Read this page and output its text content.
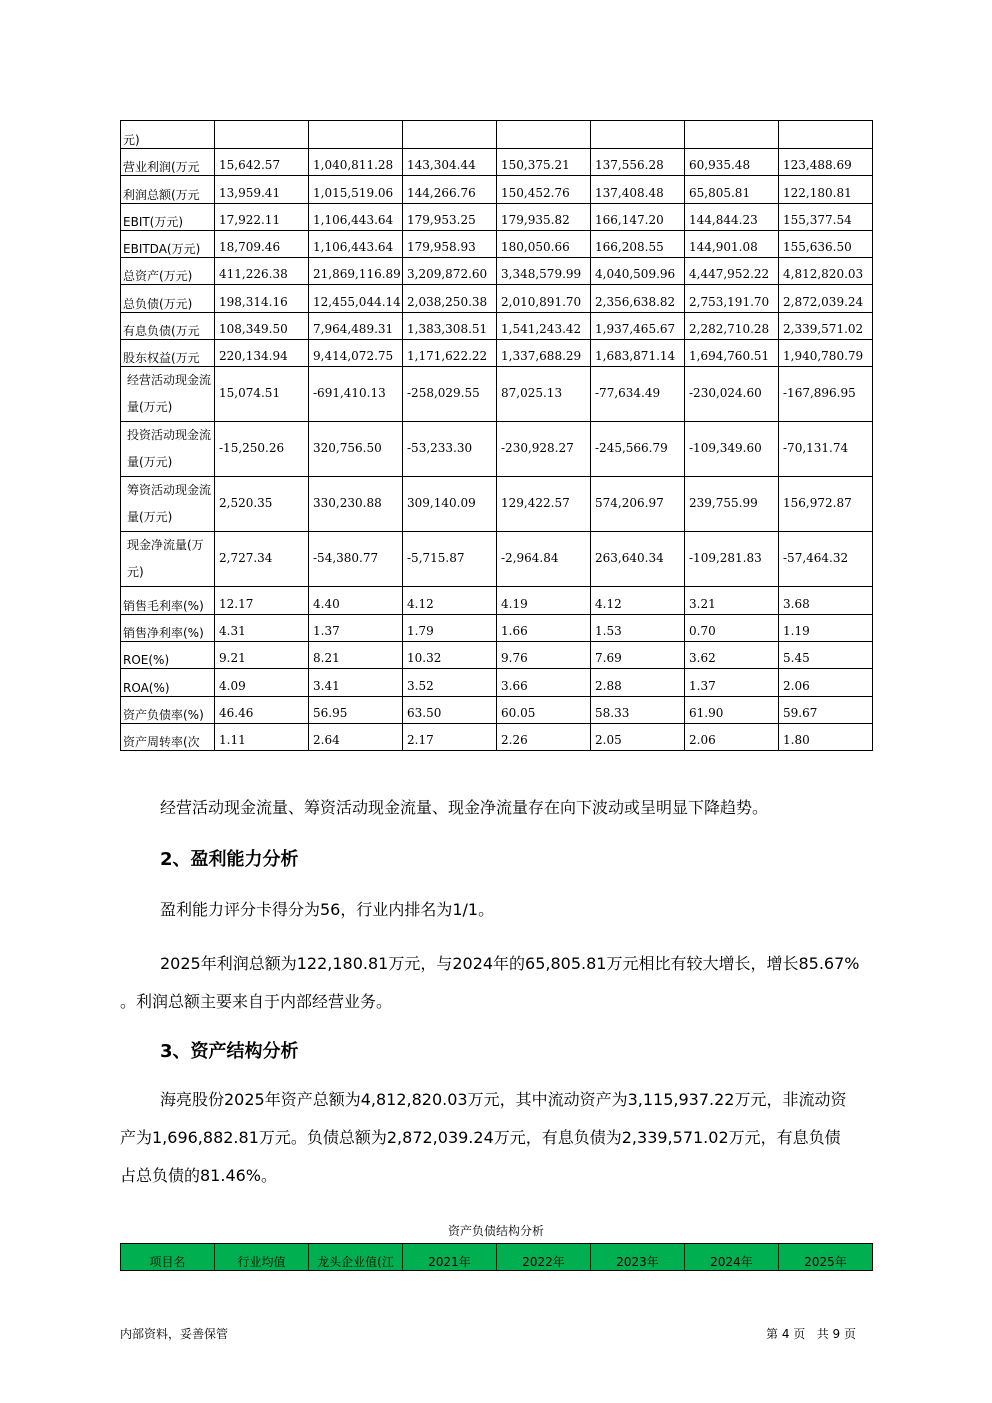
元)							
营业利润(万元	15,642.57	1,040,811.28	143,304.44	150,375.21	137,556.28	60,935.48	123,488.69
利润总额(万元	13,959.41	1,015,519.06	144,266.76	150,452.76	137,408.48	65,805.81	122,180.81
EBIT(万元)	17,922.11	1,106,443.64	179,953.25	179,935.82	166,147.20	144,844.23	155,377.54
EBITDA(万元)	18,709.46	1,106,443.64	179,958.93	180,050.66	166,208.55	144,901.08	155,636.50
总资产(万元)	411,226.38	21,869,116.89	3,209,872.60	3,348,579.99	4,040,509.96	4,447,952.22	4,812,820.03
总负债(万元)	198,314.16	12,455,044.14	2,038,250.38	2,010,891.70	2,356,638.82	2,753,191.70	2,872,039.24
有息负债(万元	108,349.50	7,964,489.31	1,383,308.51	1,541,243.42	1,937,465.67	2,282,710.28	2,339,571.02
股东权益(万元	220,134.94	9,414,072.75	1,171,622.22	1,337,688.29	1,683,871.14	1,694,760.51	1,940,780.79
经营活动现金流量(万元)	15,074.51	-691,410.13	-258,029.55	87,025.13	-77,634.49	-230,024.60	-167,896.95
投资活动现金流量(万元)	-15,250.26	320,756.50	-53,233.30	-230,928.27	-245,566.79	-109,349.60	-70,131.74
筹资活动现金流量(万元)	2,520.35	330,230.88	309,140.09	129,422.57	574,206.97	239,755.99	156,972.87
现金净流量(万元)	2,727.34	-54,380.77	-5,715.87	-2,964.84	263,640.34	-109,281.83	-57,464.32
销售毛利率(%)	12.17	4.40	4.12	4.19	4.12	3.21	3.68
销售净利率(%)	4.31	1.37	1.79	1.66	1.53	0.70	1.19
ROE(%)	9.21	8.21	10.32	9.76	7.69	3.62	5.45
ROA(%)	4.09	3.41	3.52	3.66	2.88	1.37	2.06
资产负债率(%)	46.46	56.95	63.50	60.05	58.33	61.90	59.67
资产周转率(次	1.11	2.64	2.17	2.26	2.05	2.06	1.80
经营活动现金流量、筹资活动现金流量、现金净流量存在向下波动或呈明显下降趋势。
2、盈利能力分析
盈利能力评分卡得分为56，行业内排名为1/1。
2025年利润总额为122,180.81万元，与2024年的65,805.81万元相比有较大增长，增长85.67%
。利润总额主要来自于内部经营业务。
3、资产结构分析
海亮股份2025年资产总额为4,812,820.03万元，其中流动资产为3,115,937.22万元，非流动资
产为1,696,882.81万元。负债总额为2,872,039.24万元，有息负债为2,339,571.02万元，有息负债
占总负债的81.46%。
资产负债结构分析
项目名	行业均值	龙头企业值(江	2021年	2022年	2023年	2024年	2025年
内部资料，妥善保管	第 4 页   共 9 页
